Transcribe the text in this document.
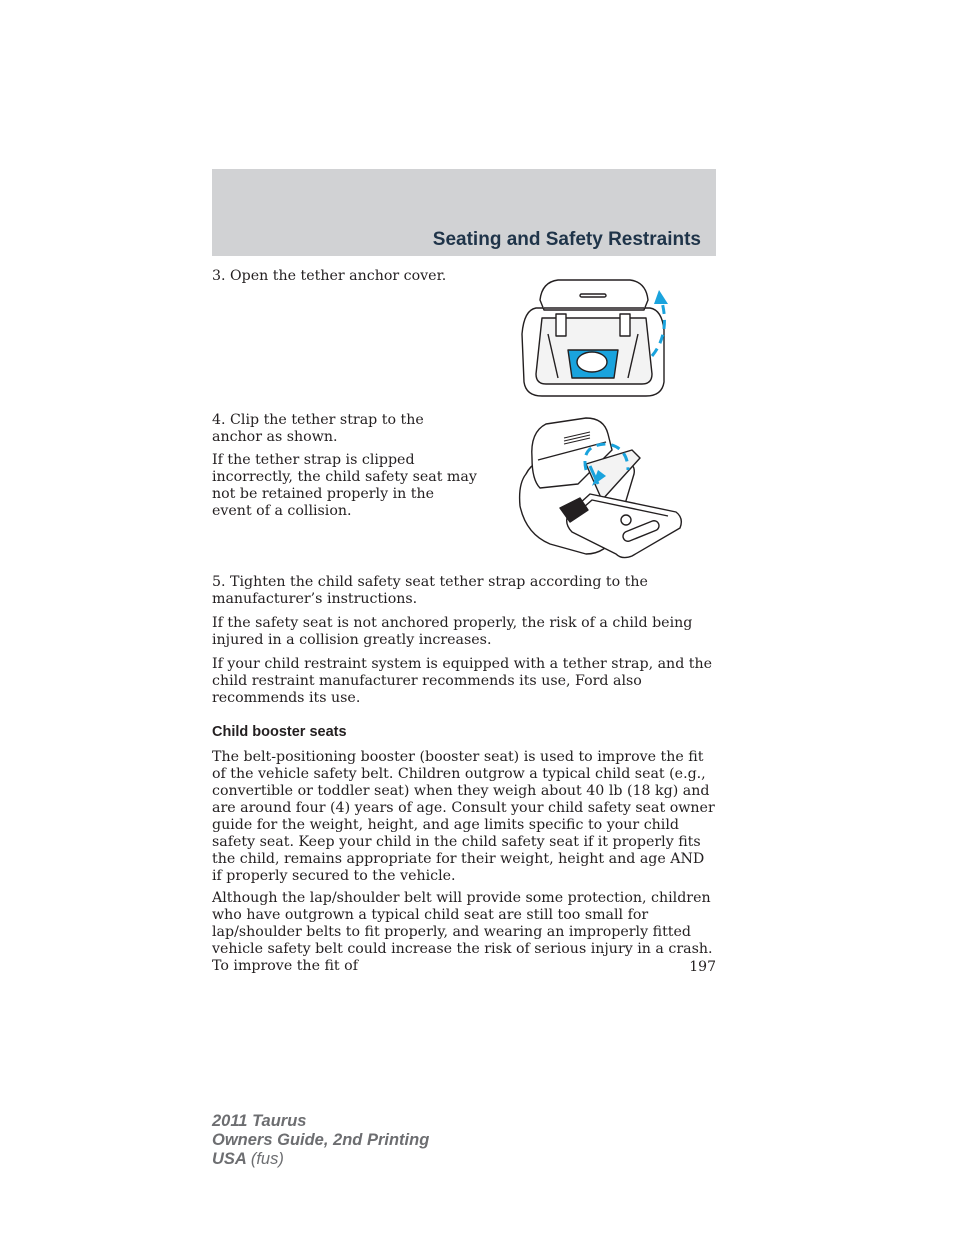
Seating and Safety Restraints

3. Open the tether anchor cover.

4. Clip the tether strap to the anchor as shown.

If the tether strap is clipped incorrectly, the child safety seat may not be retained properly in the event of a collision.

5. Tighten the child safety seat tether strap according to the manufacturer’s instructions.

If the safety seat is not anchored properly, the risk of a child being injured in a collision greatly increases.

If your child restraint system is equipped with a tether strap, and the child restraint manufacturer recommends its use, Ford also recommends its use.

Child booster seats

The belt-positioning booster (booster seat) is used to improve the fit of the vehicle safety belt. Children outgrow a typical child seat (e.g., convertible or toddler seat) when they weigh about 40 lb (18 kg) and are around four (4) years of age. Consult your child safety seat owner guide for the weight, height, and age limits specific to your child safety seat. Keep your child in the child safety seat if it properly fits the child, remains appropriate for their weight, height and age AND if properly secured to the vehicle.

Although the lap/shoulder belt will provide some protection, children who have outgrown a typical child seat are still too small for lap/shoulder belts to fit properly, and wearing an improperly fitted vehicle safety belt could increase the risk of serious injury in a crash. To improve the fit of	197
2011 Taurus
Owners Guide, 2nd Printing
USA (fus)
